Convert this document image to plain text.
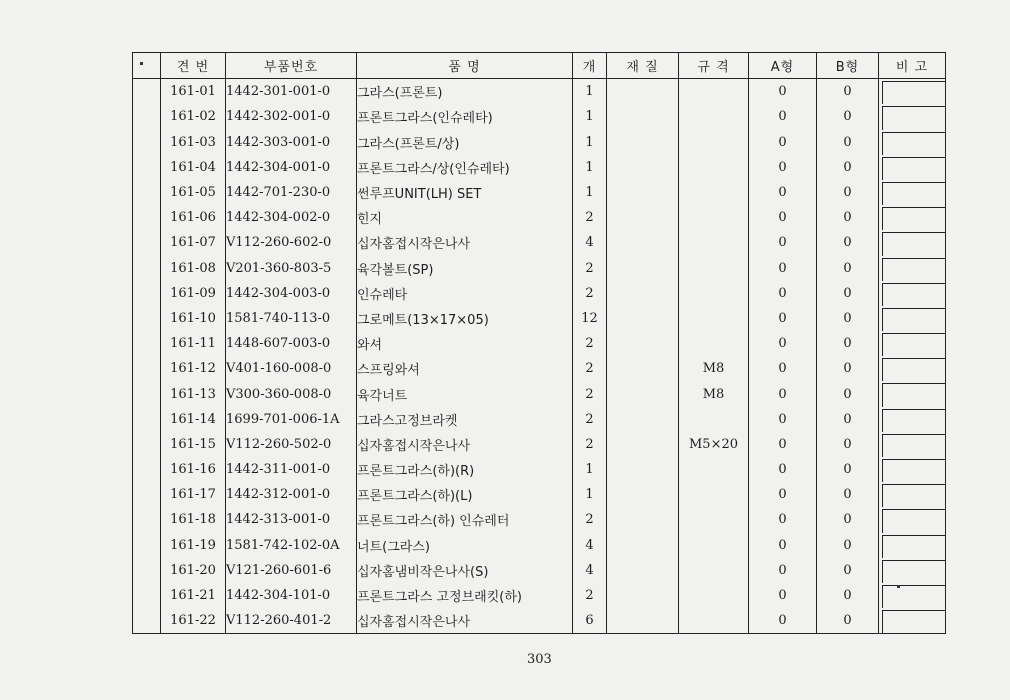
	견 번	부품번호	품 명	개	재 질	규 격	A형	B형	비 고
	161-01	1442-301-001-0	그라스(프론트)	1			0	0	

	161-02	1442-302-001-0	프론트그라스(인슈레타)	1			0	0	

	161-03	1442-303-001-0	그라스(프론트/상)	1			0	0	

	161-04	1442-304-001-0	프론트그라스/상(인슈레타)	1			0	0	

	161-05	1442-701-230-0	썬루프UNIT(LH) SET	1			0	0	

	161-06	1442-304-002-0	힌지	2			0	0	

	161-07	V112-260-602-0	십자홈접시작은나사	4			0	0	

	161-08	V201-360-803-5	육각볼트(SP)	2			0	0	

	161-09	1442-304-003-0	인슈레타	2			0	0	

	161-10	1581-740-113-0	그로메트(13×17×05)	12			0	0	

	161-11	1448-607-003-0	와셔	2			0	0	

	161-12	V401-160-008-0	스프링와셔	2		M8	0	0	

	161-13	V300-360-008-0	육각너트	2		M8	0	0	

	161-14	1699-701-006-1A	그라스고정브라켓	2			0	0	

	161-15	V112-260-502-0	십자홈접시작은나사	2		M5×20	0	0	

	161-16	1442-311-001-0	프론트그라스(하)(R)	1			0	0	

	161-17	1442-312-001-0	프론트그라스(하)(L)	1			0	0	

	161-18	1442-313-001-0	프론트그라스(하) 인슈레터	2			0	0	

	161-19	1581-742-102-0A	너트(그라스)	4			0	0	

	161-20	V121-260-601-6	십자홈냄비작은나사(S)	4			0	0	

	161-21	1442-304-101-0	프론트그라스 고정브래킷(하)	2			0	0	

	161-22	V112-260-401-2	십자홈접시작은나사	6			0	0	
303
